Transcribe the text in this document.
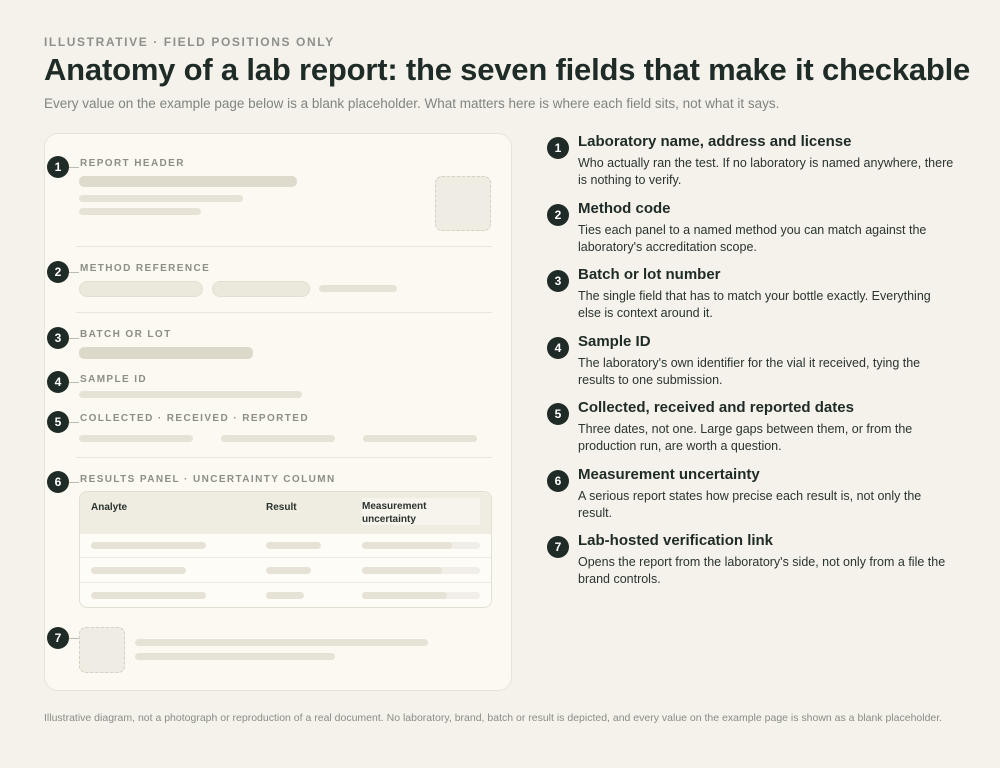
ILLUSTRATIVE · FIELD POSITIONS ONLY
Anatomy of a lab report: the seven fields that make it checkable
Every value on the example page below is a blank placeholder. What matters here is where each field sits, not what it says.
1	REPORT HEADER
2	METHOD REFERENCE
3	BATCH OR LOT
4	SAMPLE ID
5	COLLECTED · RECEIVED · REPORTED
6	RESULTS PANEL · UNCERTAINTY COLUMN
Analyte	Result	Measurement uncertainty
7
1	Laboratory name, address and license
Who actually ran the test. If no laboratory is named anywhere, there is nothing to verify.
2	Method code
Ties each panel to a named method you can match against the laboratory's accreditation scope.
3	Batch or lot number
The single field that has to match your bottle exactly. Everything else is context around it.
4	Sample ID
The laboratory's own identifier for the vial it received, tying the results to one submission.
5	Collected, received and reported dates
Three dates, not one. Large gaps between them, or from the production run, are worth a question.
6	Measurement uncertainty
A serious report states how precise each result is, not only the result.
7	Lab-hosted verification link
Opens the report from the laboratory's side, not only from a file the brand controls.
Illustrative diagram, not a photograph or reproduction of a real document. No laboratory, brand, batch or result is depicted, and every value on the example page is shown as a blank placeholder.
